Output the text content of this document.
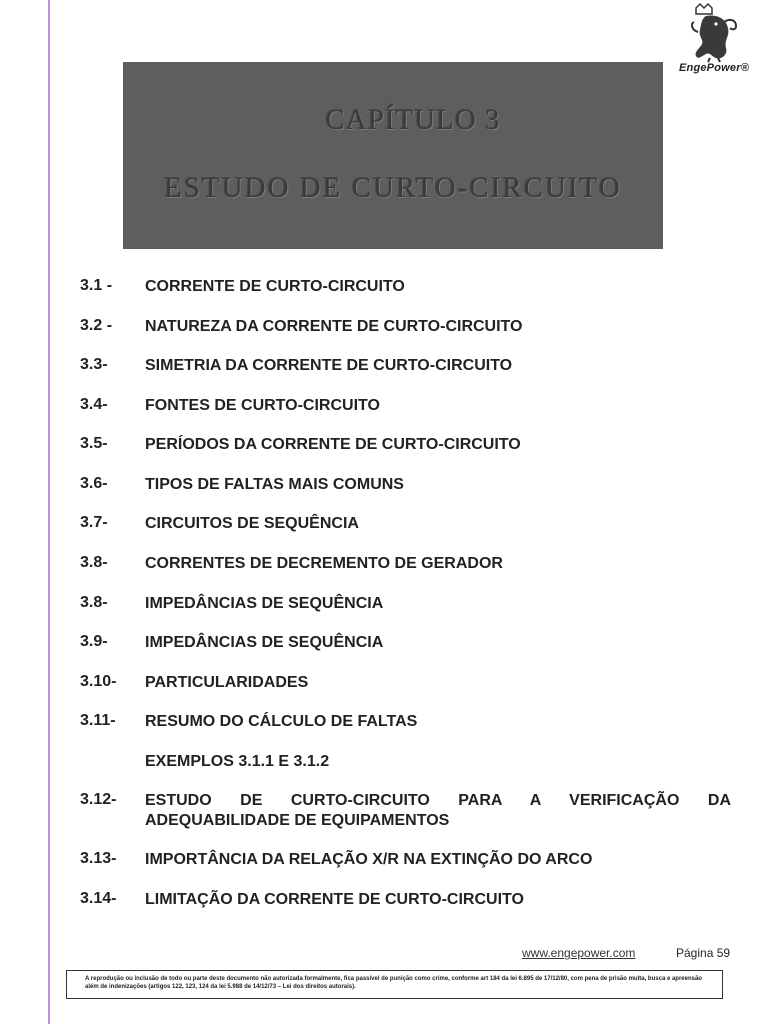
EngePower®
CAPÍTULO 3
ESTUDO DE CURTO-CIRCUITO
3.1 -	CORRENTE DE CURTO-CIRCUITO
3.2 -	NATUREZA DA CORRENTE DE CURTO-CIRCUITO
3.3-	SIMETRIA DA CORRENTE DE CURTO-CIRCUITO
3.4-	FONTES DE CURTO-CIRCUITO
3.5-	PERÍODOS DA CORRENTE DE CURTO-CIRCUITO
3.6-	TIPOS DE FALTAS MAIS COMUNS
3.7-	CIRCUITOS DE SEQUÊNCIA
3.8-	CORRENTES DE DECREMENTO DE GERADOR
3.8-	IMPEDÂNCIAS DE SEQUÊNCIA
3.9-	IMPEDÂNCIAS DE SEQUÊNCIA
3.10-	PARTICULARIDADES
3.11-	RESUMO DO CÁLCULO DE FALTAS
EXEMPLOS 3.1.1 E 3.1.2
3.12-	ESTUDO DE CURTO-CIRCUITO PARA A VERIFICAÇÃO DA ADEQUABILIDADE DE EQUIPAMENTOS
3.13-	IMPORTÂNCIA DA RELAÇÃO X/R NA EXTINÇÃO DO ARCO
3.14-	LIMITAÇÃO DA CORRENTE DE CURTO-CIRCUITO
www.engepower.com	Página 59
A reprodução ou inclusão de todo ou parte deste documento não autorizada formalmente, fica passível de punição como crime, conforme art 184 da lei 6.895 de 17/12/80, com pena de prisão multa, busca e apreensão além de indenizações (artigos 122, 123, 124 da lei 5.988 de 14/12/73 – Lei dos direitos autorais).
